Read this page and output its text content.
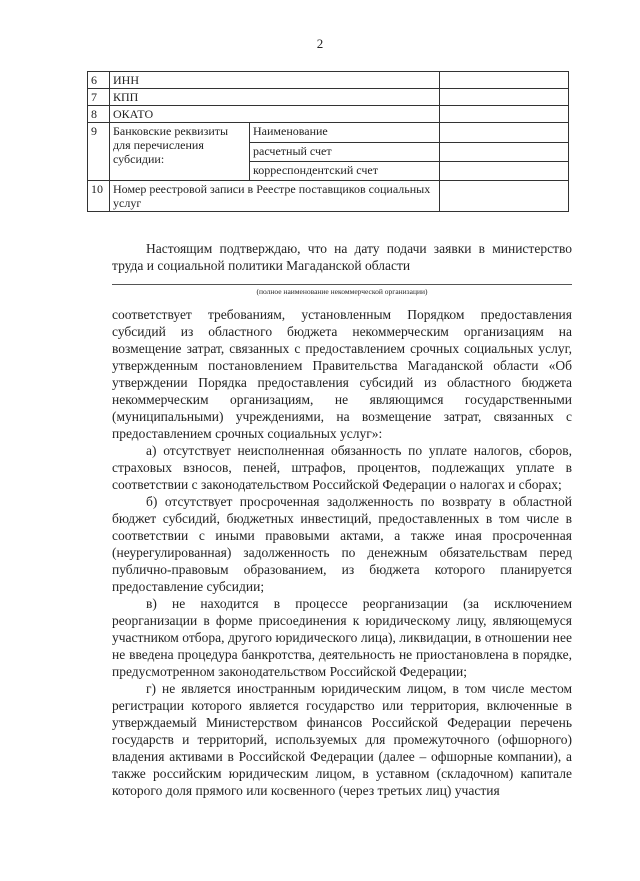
2
6	ИНН		
7	КПП		
8	ОКАТО		
9	Банковские реквизиты для перечисления субсидии:	Наименование	
		расчетный счет	
		корреспондентский счет	
10	Номер реестровой записи в Реестре поставщиков социальных услуг		

Настоящим подтверждаю, что на дату подачи заявки в министерство

труда и социальной политики Магаданской области

(полное наименование некоммерческой организации)

соответствует требованиям, установленным Порядком предоставления субсидий из областного бюджета некоммерческим организациям на возмещение затрат, связанных с предоставлением срочных социальных услуг, утвержденным постановлением Правительства Магаданской области «Об утверждении Порядка предоставления субсидий из областного бюджета некоммерческим организациям, не являющимся государственными (муниципальными) учреждениями, на возмещение затрат, связанных с предоставлением срочных социальных услуг»:

а) отсутствует неисполненная обязанность по уплате налогов, сборов, страховых взносов, пеней, штрафов, процентов, подлежащих уплате в соответствии с законодательством Российской Федерации о налогах и сборах;

б) отсутствует просроченная задолженность по возврату в областной бюджет субсидий, бюджетных инвестиций, предоставленных в том числе в соответствии с иными правовыми актами, а также иная просроченная (неурегулированная) задолженность по денежным обязательствам перед публично-правовым образованием, из бюджета которого планируется предоставление субсидии;

в) не находится в процессе реорганизации (за исключением реорганизации в форме присоединения к юридическому лицу, являющемуся участником отбора, другого юридического лица), ликвидации, в отношении нее не введена процедура банкротства, деятельность не приостановлена в порядке, предусмотренном законодательством Российской Федерации;

г) не является иностранным юридическим лицом, в том числе местом регистрации которого является государство или территория, включенные в утверждаемый Министерством финансов Российской Федерации перечень государств и территорий, используемых для промежуточного (офшорного) владения активами в Российской Федерации (далее – офшорные компании), а также российским юридическим лицом, в уставном (складочном) капитале которого доля прямого или косвенного (через третьих лиц) участия
